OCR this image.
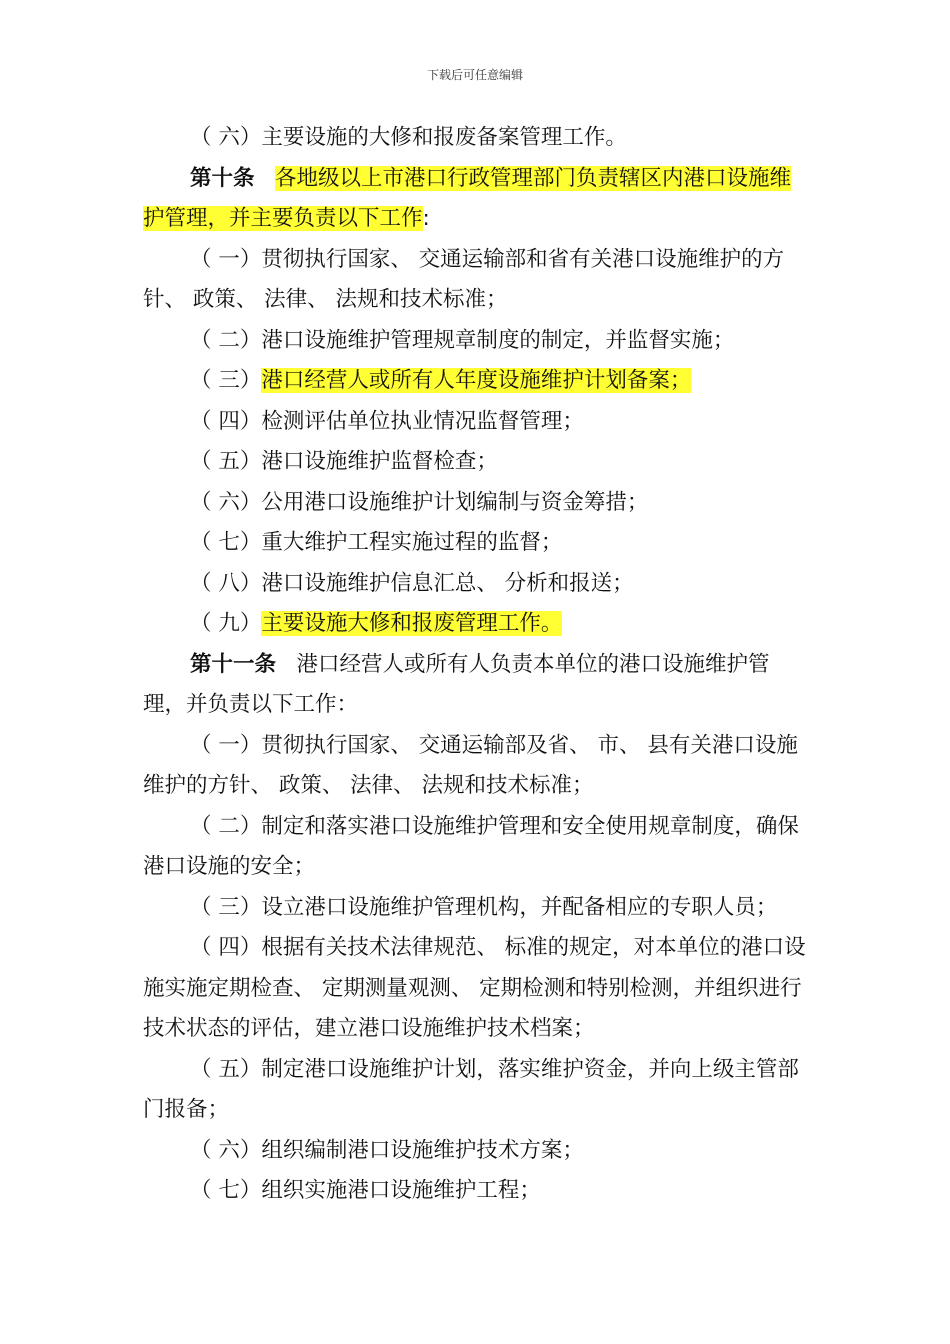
下载后可任意编辑

（ 六）主要设施的大修和报废备案管理工作。

第十条 各地级以上市港口行政管理部门负责辖区内港口设施维护管理，并主要负责以下工作:

（ 一）贯彻执行国家、 交通运输部和省有关港口设施维护的方针、 政策、 法律、 法规和技术标准；

（ 二）港口设施维护管理规章制度的制定，并监督实施；

（ 三）港口经营人或所有人年度设施维护计划备案；

（ 四）检测评估单位执业情况监督管理；

（ 五）港口设施维护监督检查；

（ 六）公用港口设施维护计划编制与资金筹措；

（ 七）重大维护工程实施过程的监督；

（ 八）港口设施维护信息汇总、 分析和报送；

（ 九）主要设施大修和报废管理工作。

第十一条 港口经营人或所有人负责本单位的港口设施维护管理，并负责以下工作：

（ 一）贯彻执行国家、 交通运输部及省、 市、 县有关港口设施维护的方针、 政策、 法律、 法规和技术标准；

（ 二）制定和落实港口设施维护管理和安全使用规章制度，确保港口设施的安全；

（ 三）设立港口设施维护管理机构，并配备相应的专职人员；

（ 四）根据有关技术法律规范、 标准的规定，对本单位的港口设施实施定期检查、 定期测量观测、 定期检测和特别检测，并组织进行技术状态的评估，建立港口设施维护技术档案；

（ 五）制定港口设施维护计划，落实维护资金，并向上级主管部门报备；

（ 六）组织编制港口设施维护技术方案；

（ 七）组织实施港口设施维护工程；
